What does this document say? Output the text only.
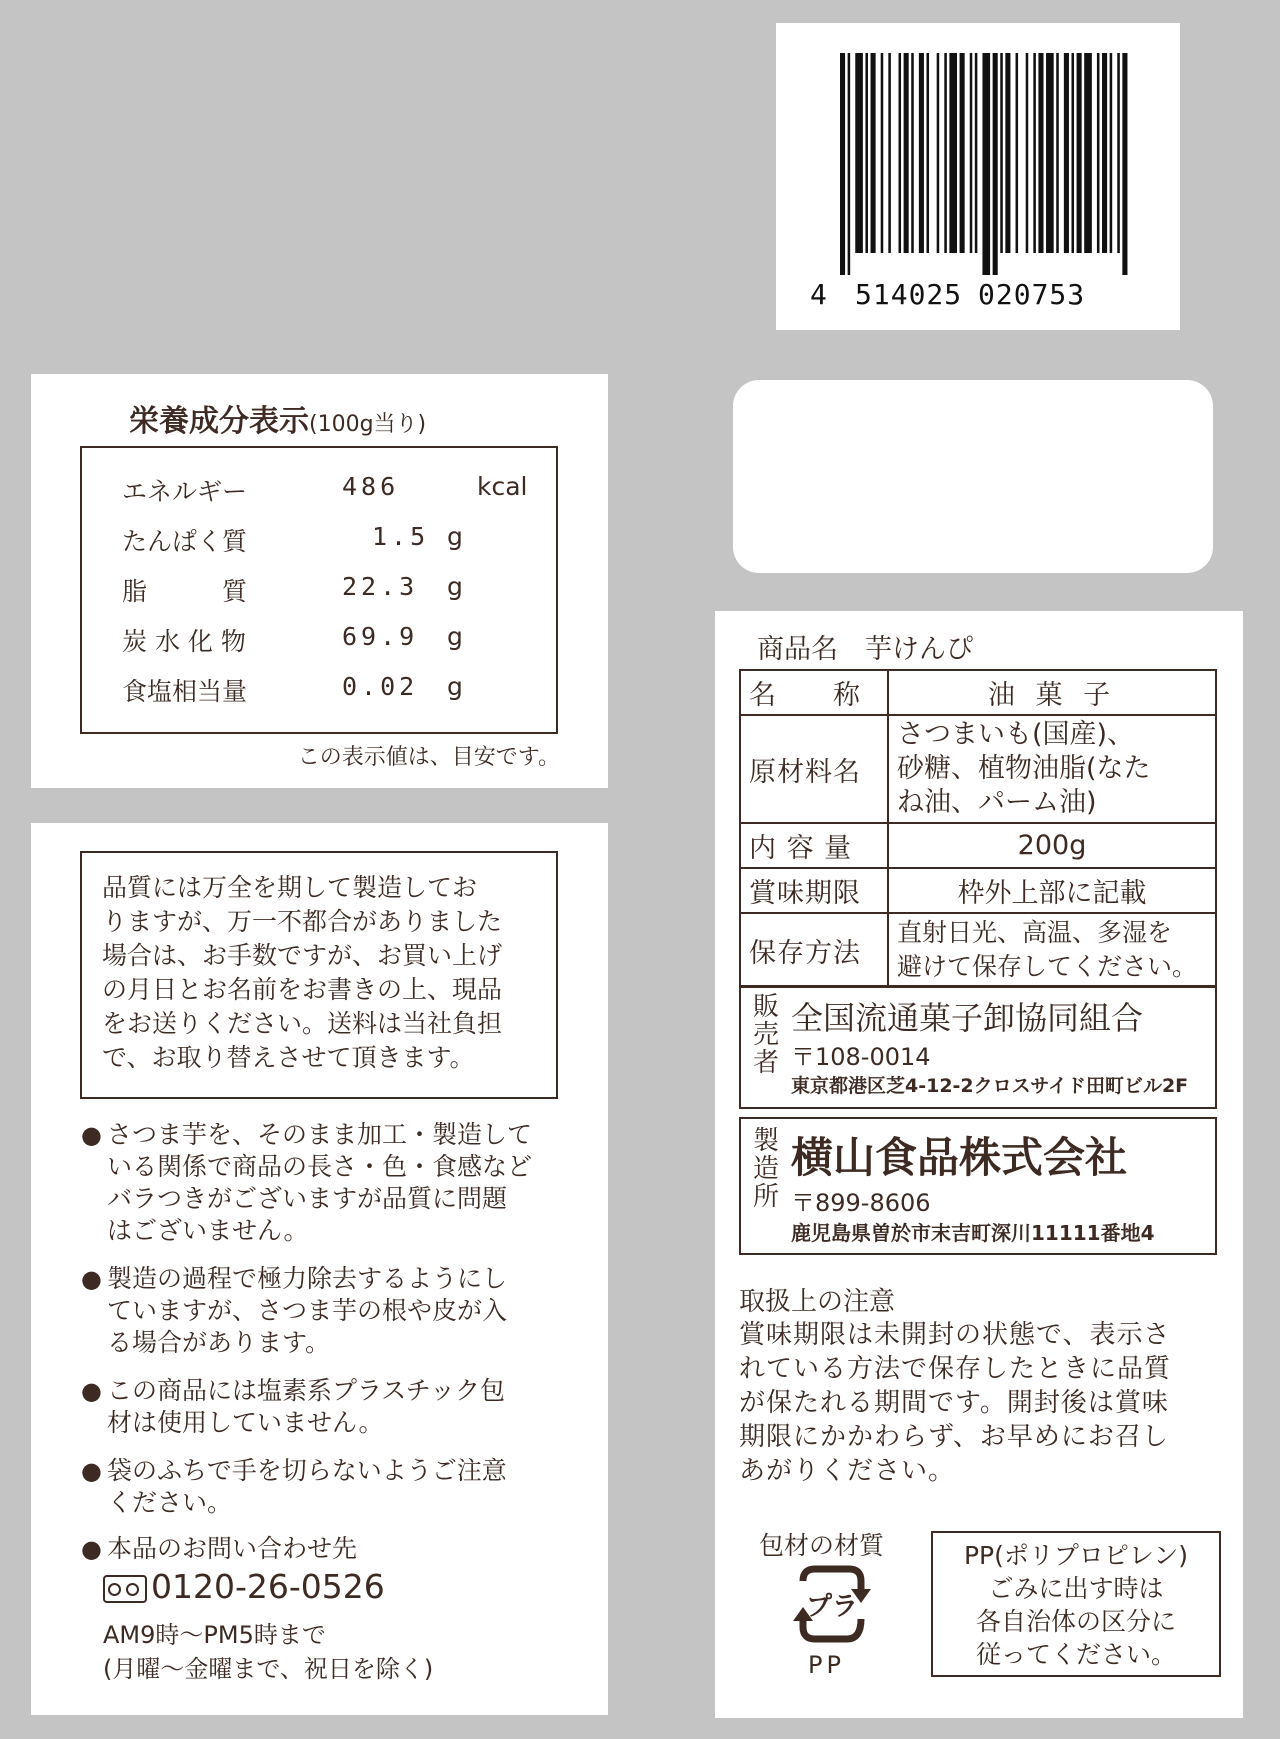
4 514025 020753
栄養成分表示(100g当り)
エネルギー	486	kcal
たんぱく質	1.5 g
脂　　　質	22.3 g
炭 水 化 物	69.9 g
食塩相当量	0.02 g
この表示値は、目安です。
品質には万全を期して製造してお
りますが、万一不都合がありました
場合は、お手数ですが、お買い上げ
の月日とお名前をお書きの上、現品
をお送りください。送料は当社負担
で、お取り替えさせて頂きます。
● さつま芋を、そのまま加工・製造して
いる関係で商品の長さ・色・食感など
バラつきがございますが品質に問題
はございません。
● 製造の過程で極力除去するようにし
ていますが、さつま芋の根や皮が入
る場合があります。
● この商品には塩素系プラスチック包
材は使用していません。
● 袋のふちで手を切らないようご注意
ください。
● 本品のお問い合わせ先
0120-26-0526
AM9時～PM5時まで
(月曜～金曜まで、祝日を除く)
商品名　芋けんぴ
名　　称	油 菓 子
原材料名	さつまいも(国産)、
砂糖、植物油脂(なた
ね油、パーム油)

内 容 量	200g
賞味期限	枠外上部に記載
保存方法	直射日光、高温、多湿を
避けて保存してください。
販
売
者
全国流通菓子卸協同組合
〒108-0014
東京都港区芝4-12-2クロスサイド田町ビル2F
製
造
所
横山食品株式会社
〒899-8606
鹿児島県曽於市末吉町深川11111番地4
取扱上の注意
賞味期限は未開封の状態で、表示さ
れている方法で保存したときに品質
が保たれる期間です。開封後は賞味
期限にかかわらず、お早めにお召し
あがりください。
包材の材質
プラ
PP
PP(ポリプロピレン)
ごみに出す時は
各自治体の区分に
従ってください。
